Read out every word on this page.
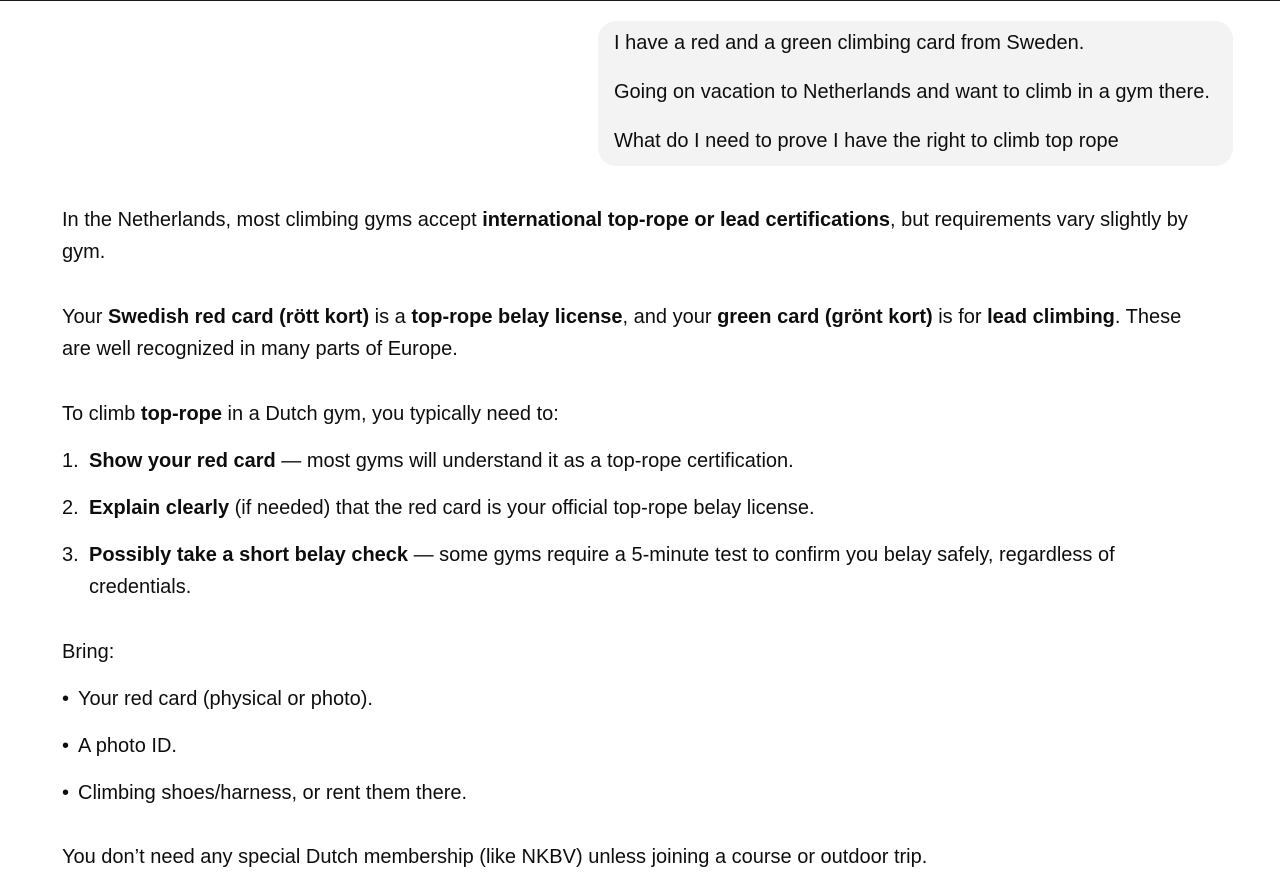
I have a red and a green climbing card from Sweden.

Going on vacation to Netherlands and want to climb in a gym there.

What do I need to prove I have the right to climb top rope

In the Netherlands, most climbing gyms accept international top-rope or lead certifications, but requirements vary slightly by gym.

Your Swedish red card (rött kort) is a top-rope belay license, and your green card (grönt kort) is for lead climbing. These are well recognized in many parts of Europe.

To climb top-rope in a Dutch gym, you typically need to:

1. Show your red card — most gyms will understand it as a top-rope certification.
2. Explain clearly (if needed) that the red card is your official top-rope belay license.
3. Possibly take a short belay check — some gyms require a 5-minute test to confirm you belay safely, regardless of credentials.

Bring:

• Your red card (physical or photo).
• A photo ID.
• Climbing shoes/harness, or rent them there.

You don’t need any special Dutch membership (like NKBV) unless joining a course or outdoor trip.
